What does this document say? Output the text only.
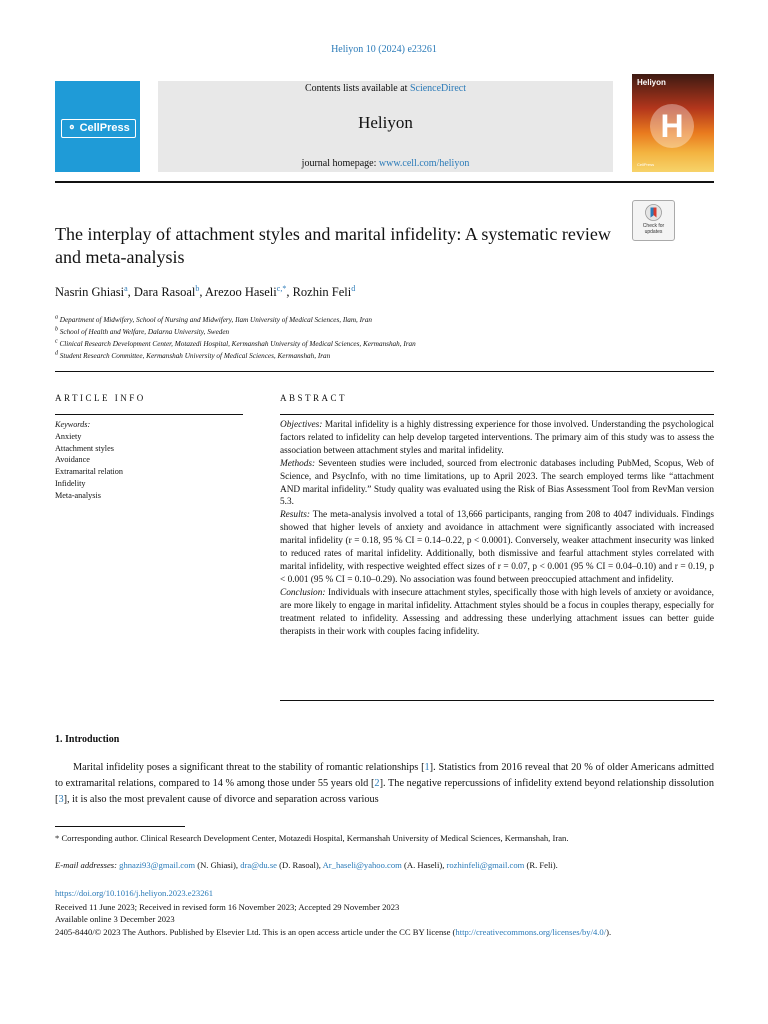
Heliyon 10 (2024) e23261
⚬ CellPress
Contents lists available at ScienceDirect
Heliyon
journal homepage: www.cell.com/heliyon
Heliyon
H
CellPress
The interplay of attachment styles and marital infidelity: A systematic review and meta-analysis
Check for
updates
Nasrin Ghiasi$^a$, Dara Rasoal$^b$, Arezoo Haseli$^{c,*}$, Rozhin Feli$^d$
$^a$ Department of Midwifery, School of Nursing and Midwifery, Ilam University of Medical Sciences, Ilam, Iran
$^b$ School of Health and Welfare, Dalarna University, Sweden
$^c$ Clinical Research Development Center, Motazedi Hospital, Kermanshah University of Medical Sciences, Kermanshah, Iran
$^d$ Student Research Committee, Kermanshah University of Medical Sciences, Kermanshah, Iran
ARTICLE INFO
Keywords:
Anxiety
Attachment styles
Avoidance
Extramarital relation
Infidelity
Meta-analysis
ABSTRACT

Objectives: Marital infidelity is a highly distressing experience for those involved. Understanding the psychological factors related to infidelity can help develop targeted interventions. The primary aim of this study was to assess the association between attachment styles and marital infidelity.

Methods: Seventeen studies were included, sourced from electronic databases including PubMed, Scopus, Web of Science, and PsycInfo, with no time limitations, up to April 2023. The search employed terms like “attachment AND marital infidelity.” Study quality was evaluated using the Risk of Bias Assessment Tool from RevMan version 5.3.

Results: The meta-analysis involved a total of 13,666 participants, ranging from 208 to 4047 individuals. Findings showed that higher levels of anxiety and avoidance in attachment were significantly associated with increased marital infidelity (r = 0.18, 95 % CI = 0.14–0.22, p < 0.0001). Conversely, weaker attachment insecurity was linked to reduced rates of marital infidelity. Additionally, both dismissive and fearful attachment styles correlated with marital infidelity, with respective weighted effect sizes of r = 0.07, p < 0.001 (95 % CI = 0.04–0.10) and r = 0.19, p < 0.001 (95 % CI = 0.10–0.29). No association was found between preoccupied attachment and infidelity.

Conclusion: Individuals with insecure attachment styles, specifically those with high levels of anxiety or avoidance, are more likely to engage in marital infidelity. Attachment styles should be a focus in couples therapy, especially for treatment related to infidelity. Assessing and addressing these underlying attachment issues can better guide therapists in their work with couples facing infidelity.

1. Introduction
Marital infidelity poses a significant threat to the stability of romantic relationships [1]. Statistics from 2016 reveal that 20 % of older Americans admitted to extramarital relations, compared to 14 % among those under 55 years old [2]. The negative repercussions of infidelity extend beyond relationship dissolution [3], it is also the most prevalent cause of divorce and separation across various
* Corresponding author. Clinical Research Development Center, Motazedi Hospital, Kermanshah University of Medical Sciences, Kermanshah, Iran.
E-mail addresses: ghnazi93@gmail.com (N. Ghiasi), dra@du.se (D. Rasoal), Ar_haseli@yahoo.com (A. Haseli), rozhinfeli@gmail.com (R. Feli).
https://doi.org/10.1016/j.heliyon.2023.e23261
Received 11 June 2023; Received in revised form 16 November 2023; Accepted 29 November 2023
Available online 3 December 2023
2405-8440/© 2023 The Authors. Published by Elsevier Ltd. This is an open access article under the CC BY license (http://creativecommons.org/licenses/by/4.0/).
